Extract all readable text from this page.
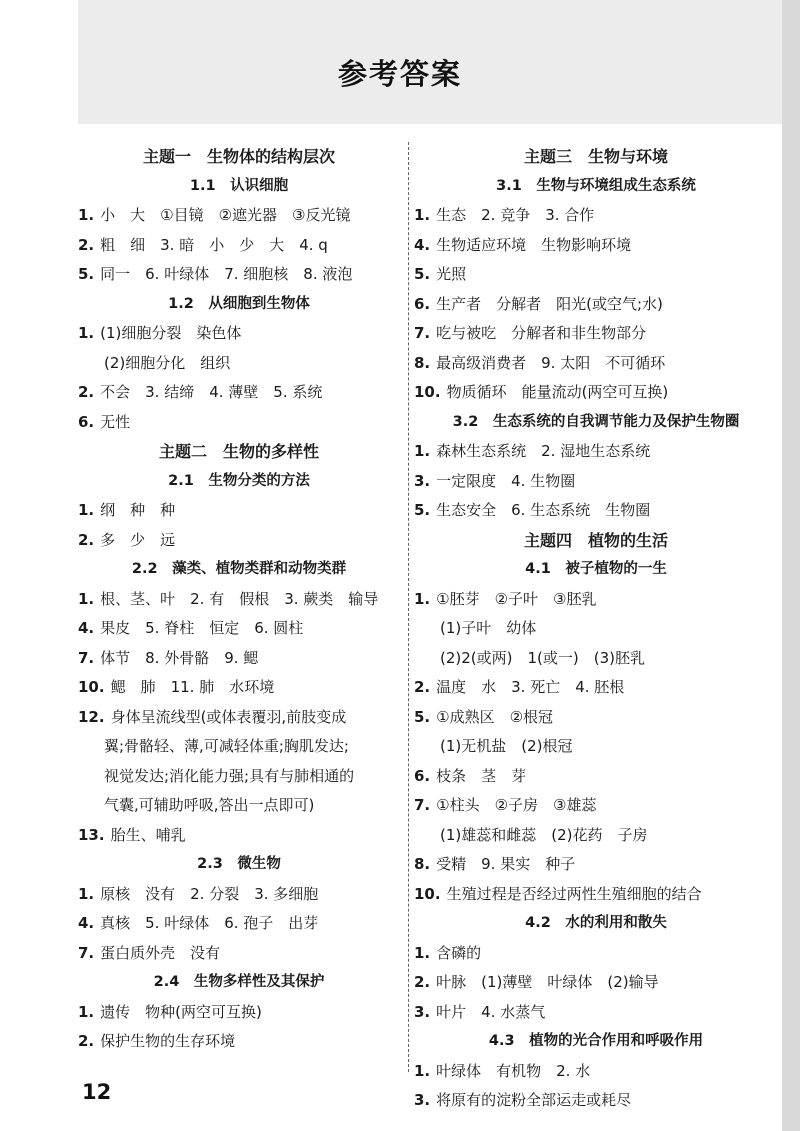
参考答案
主题一　生物体的结构层次
1.1　认识细胞
1. 小　大　①目镜　②遮光器　③反光镜
2. 粗　细　3. 暗　小　少　大　4. q
5. 同一　6. 叶绿体　7. 细胞核　8. 液泡
1.2　从细胞到生物体
1. (1)细胞分裂　染色体
(2)细胞分化　组织
2. 不会　3. 结缔　4. 薄壁　5. 系统
6. 无性
主题二　生物的多样性
2.1　生物分类的方法
1. 纲　种　种
2. 多　少　远
2.2　藻类、植物类群和动物类群
1. 根、茎、叶　2. 有　假根　3. 蕨类　输导
4. 果皮　5. 脊柱　恒定　6. 圆柱
7. 体节　8. 外骨骼　9. 鳃
10. 鳃　肺　11. 肺　水环境
12. 身体呈流线型(或体表覆羽,前肢变成
翼;骨骼轻、薄,可减轻体重;胸肌发达;
视觉发达;消化能力强;具有与肺相通的
气囊,可辅助呼吸,答出一点即可)
13. 胎生、哺乳
2.3　微生物
1. 原核　没有　2. 分裂　3. 多细胞
4. 真核　5. 叶绿体　6. 孢子　出芽
7. 蛋白质外壳　没有
2.4　生物多样性及其保护
1. 遗传　物种(两空可互换)
2. 保护生物的生存环境
主题三　生物与环境
3.1　生物与环境组成生态系统
1. 生态　2. 竞争　3. 合作
4. 生物适应环境　生物影响环境
5. 光照
6. 生产者　分解者　阳光(或空气;水)
7. 吃与被吃　分解者和非生物部分
8. 最高级消费者　9. 太阳　不可循环
10. 物质循环　能量流动(两空可互换)
3.2　生态系统的自我调节能力及保护生物圈
1. 森林生态系统　2. 湿地生态系统
3. 一定限度　4. 生物圈
5. 生态安全　6. 生态系统　生物圈
主题四　植物的生活
4.1　被子植物的一生
1. ①胚芽　②子叶　③胚乳
(1)子叶　幼体
(2)2(或两)　1(或一)　(3)胚乳
2. 温度　水　3. 死亡　4. 胚根
5. ①成熟区　②根冠
(1)无机盐　(2)根冠
6. 枝条　茎　芽
7. ①柱头　②子房　③雄蕊
(1)雄蕊和雌蕊　(2)花药　子房
8. 受精　9. 果实　种子
10. 生殖过程是否经过两性生殖细胞的结合
4.2　水的利用和散失
1. 含磷的
2. 叶脉　(1)薄壁　叶绿体　(2)输导
3. 叶片　4. 水蒸气
4.3　植物的光合作用和呼吸作用
1. 叶绿体　有机物　2. 水
3. 将原有的淀粉全部运走或耗尽
12
